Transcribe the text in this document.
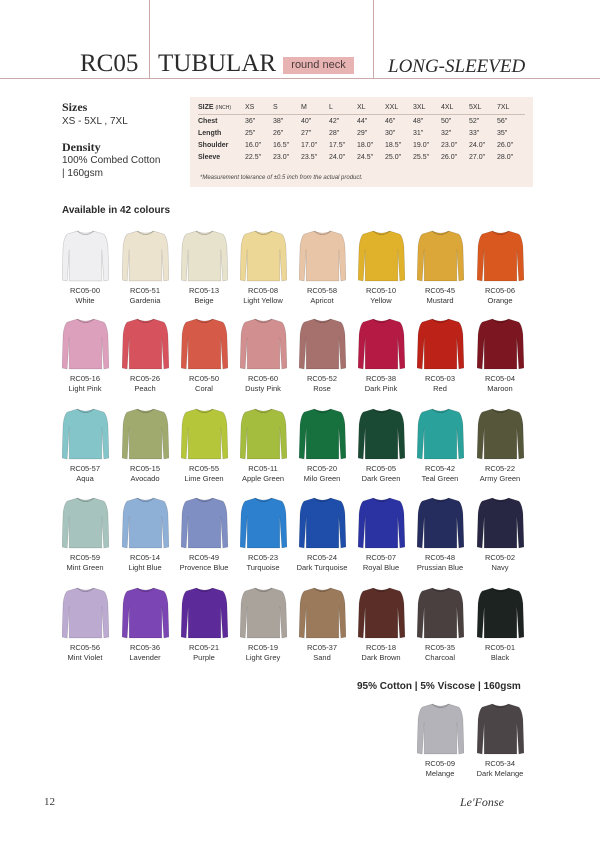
RC05 TUBULAR	round neck	LONG-SLEEVED
Sizes
XS - 5XL , 7XL
Density
100% Combed Cotton
| 160gsm
SIZE (INCH)	XS	S	M	L	XL	XXL	3XL	4XL	5XL	7XL
Chest	36"	38"	40"	42"	44"	46"	48"	50"	52"	56"
Length	25"	26"	27"	28"	29"	30"	31"	32"	33"	35"
Shoulder	16.0"	16.5"	17.0"	17.5"	18.0"	18.5"	19.0"	23.0"	24.0"	26.0"
Sleeve	22.5"	23.0"	23.5"	24.0"	24.5"	25.0"	25.5"	26.0"	27.0"	28.0"
*Measurement tolerance of ±0.5 inch from the actual product.
Available in 42 colours
RC05-00
White
RC05-51
Gardenia
RC05-13
Beige
RC05-08
Light Yellow
RC05-58
Apricot
RC05-10
Yellow
RC05-45
Mustard
RC05-06
Orange
RC05-16
Light Pink
RC05-26
Peach
RC05-50
Coral
RC05-60
Dusty Pink
RC05-52
Rose
RC05-38
Dark Pink
RC05-03
Red
RC05-04
Maroon
RC05-57
Aqua
RC05-15
Avocado
RC05-55
Lime Green
RC05-11
Apple Green
RC05-20
Milo Green
RC05-05
Dark Green
RC05-42
Teal Green
RC05-22
Army Green
RC05-59
Mint Green
RC05-14
Light Blue
RC05-49
Provence Blue
RC05-23
Turquoise
RC05-24
Dark Turquoise
RC05-07
Royal Blue
RC05-48
Prussian Blue
RC05-02
Navy
RC05-56
Mint Violet
RC05-36
Lavender
RC05-21
Purple
RC05-19
Light Grey
RC05-37
Sand
RC05-18
Dark Brown
RC05-35
Charcoal
RC05-01
Black
95% Cotton | 5% Viscose | 160gsm
RC05-09
Melange
RC05-34
Dark Melange
12	Le'Fonse
